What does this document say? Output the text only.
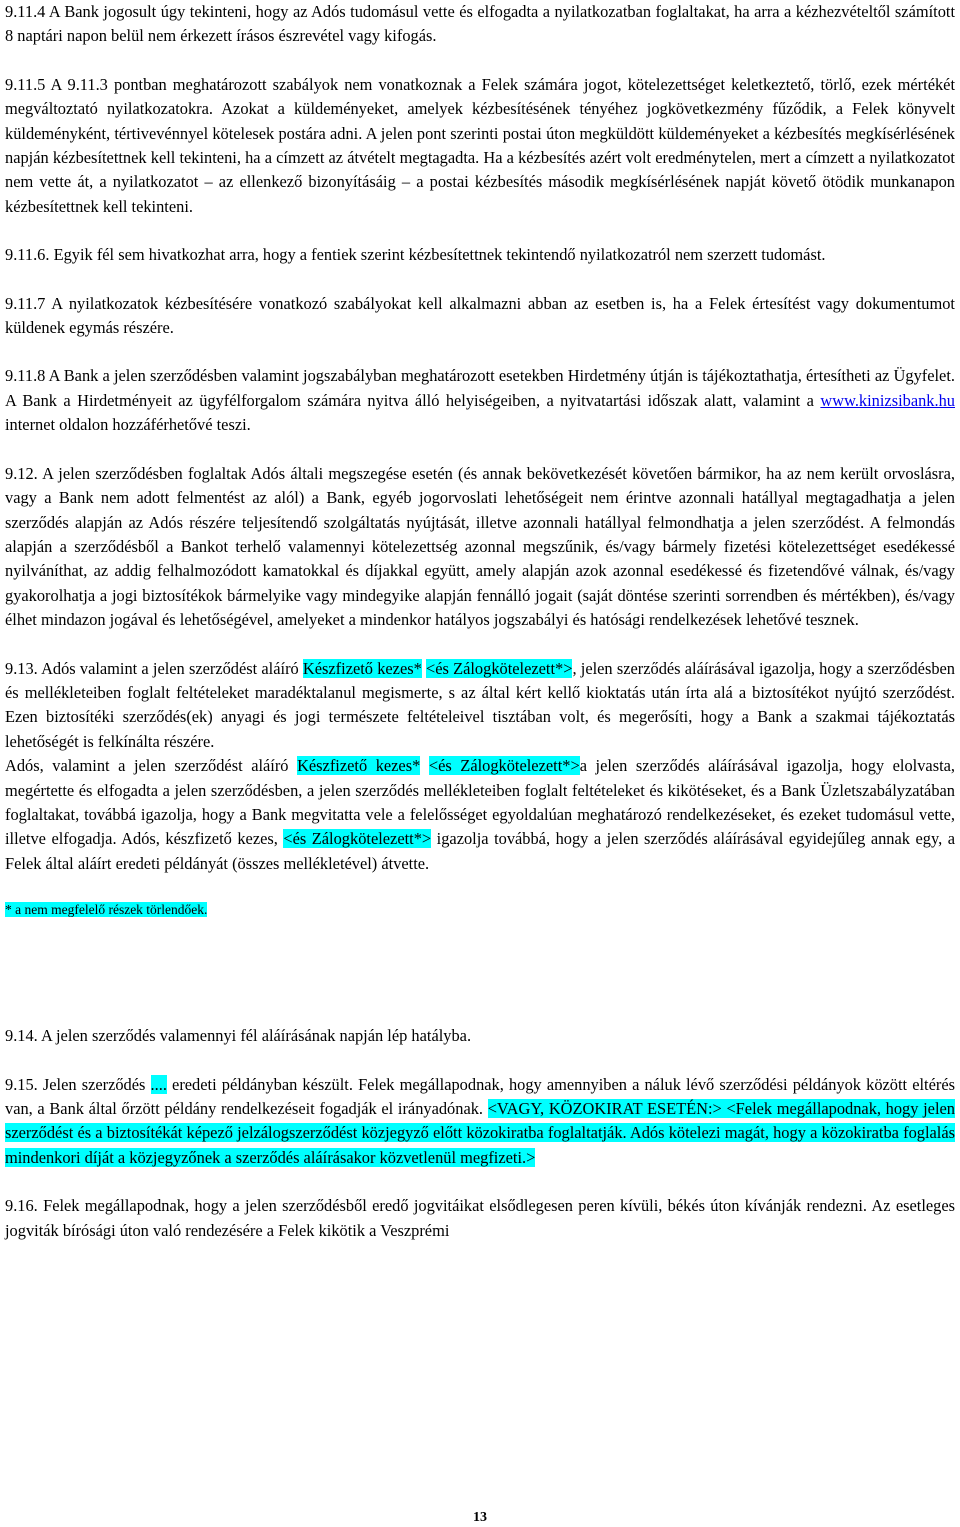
9.11.4 A Bank jogosult úgy tekinteni, hogy az Adós tudomásul vette és elfogadta a nyilatkozatban foglaltakat, ha arra a kézhezvételtől számított 8 naptári napon belül nem érkezett írásos észrevétel vagy kifogás.

9.11.5 A 9.11.3 pontban meghatározott szabályok nem vonatkoznak a Felek számára jogot, kötelezettséget keletkeztető, törlő, ezek mértékét megváltoztató nyilatkozatokra. Azokat a küldeményeket, amelyek kézbesítésének tényéhez jogkövetkezmény fűződik, a Felek könyvelt küldeményként, tértivevénnyel kötelesek postára adni. A jelen pont szerinti postai úton megküldött küldeményeket a kézbesítés megkísérlésének napján kézbesítettnek kell tekinteni, ha a címzett az átvételt megtagadta. Ha a kézbesítés azért volt eredménytelen, mert a címzett a nyilatkozatot nem vette át, a nyilatkozatot – az ellenkező bizonyításáig – a postai kézbesítés második megkísérlésének napját követő ötödik munkanapon kézbesítettnek kell tekinteni.

9.11.6. Egyik fél sem hivatkozhat arra, hogy a fentiek szerint kézbesítettnek tekintendő nyilatkozatról nem szerzett tudomást.

9.11.7 A nyilatkozatok kézbesítésére vonatkozó szabályokat kell alkalmazni abban az esetben is, ha a Felek értesítést vagy dokumentumot küldenek egymás részére.

9.11.8 A Bank a jelen szerződésben valamint jogszabályban meghatározott esetekben Hirdetmény útján is tájékoztathatja, értesítheti az Ügyfelet. A Bank a Hirdetményeit az ügyfélforgalom számára nyitva álló helyiségeiben, a nyitvatartási időszak alatt, valamint a www.kinizsibank.hu internet oldalon hozzáférhetővé teszi.

9.12. A jelen szerződésben foglaltak Adós általi megszegése esetén (és annak bekövetkezését követően bármikor, ha az nem került orvoslásra, vagy a Bank nem adott felmentést az alól) a Bank, egyéb jogorvoslati lehetőségeit nem érintve azonnali hatállyal megtagadhatja a jelen szerződés alapján az Adós részére teljesítendő szolgáltatás nyújtását, illetve azonnali hatállyal felmondhatja a jelen szerződést. A felmondás alapján a szerződésből a Bankot terhelő valamennyi kötelezettség azonnal megszűnik, és/vagy bármely fizetési kötelezettséget esedékessé nyilváníthat, az addig felhalmozódott kamatokkal és díjakkal együtt, amely alapján azok azonnal esedékessé és fizetendővé válnak, és/vagy gyakorolhatja a jogi biztosítékok bármelyike vagy mindegyike alapján fennálló jogait (saját döntése szerinti sorrendben és mértékben), és/vagy élhet mindazon jogával és lehetőségével, amelyeket a mindenkor hatályos jogszabályi és hatósági rendelkezések lehetővé tesznek.

9.13. Adós valamint a jelen szerződést aláíró Készfizető kezes* <és Zálogkötelezett*>, jelen szerződés aláírásával igazolja, hogy a szerződésben és mellékleteiben foglalt feltételeket maradéktalanul megismerte, s az által kért kellő kioktatás után írta alá a biztosítékot nyújtó szerződést. Ezen biztosítéki szerződés(ek) anyagi és jogi természete feltételeivel tisztában volt, és megerősíti, hogy a Bank a szakmai tájékoztatás lehetőségét is felkínálta részére.

Adós, valamint a jelen szerződést aláíró Készfizető kezes* <és Zálogkötelezett*>a jelen szerződés aláírásával igazolja, hogy elolvasta, megértette és elfogadta a jelen szerződésben, a jelen szerződés mellékleteiben foglalt feltételeket és kikötéseket, és a Bank Üzletszabályzatában foglaltakat, továbbá igazolja, hogy a Bank megvitatta vele a felelősséget egyoldalúan meghatározó rendelkezéseket, és ezeket tudomásul vette, illetve elfogadja. Adós, készfizető kezes, <és Zálogkötelezett*> igazolja továbbá, hogy a jelen szerződés aláírásával egyidejűleg annak egy, a Felek által aláírt eredeti példányát (összes mellékletével) átvette.

* a nem megfelelő részek törlendőek.

9.14. A jelen szerződés valamennyi fél aláírásának napján lép hatályba.

9.15. Jelen szerződés .... eredeti példányban készült. Felek megállapodnak, hogy amennyiben a náluk lévő szerződési példányok között eltérés van, a Bank által őrzött példány rendelkezéseit fogadják el irányadónak. <VAGY, KÖZOKIRAT ESETÉN:> <Felek megállapodnak, hogy jelen szerződést és a biztosítékát képező jelzálogszerződést közjegyző előtt közokiratba foglaltatják. Adós kötelezi magát, hogy a közokiratba foglalás mindenkori díját a közjegyzőnek a szerződés aláírásakor közvetlenül megfizeti.>

9.16. Felek megállapodnak, hogy a jelen szerződésből eredő jogvitáikat elsődlegesen peren kívüli, békés úton kívánják rendezni. Az esetleges jogviták bírósági úton való rendezésére a Felek kikötik a Veszprémi

13
